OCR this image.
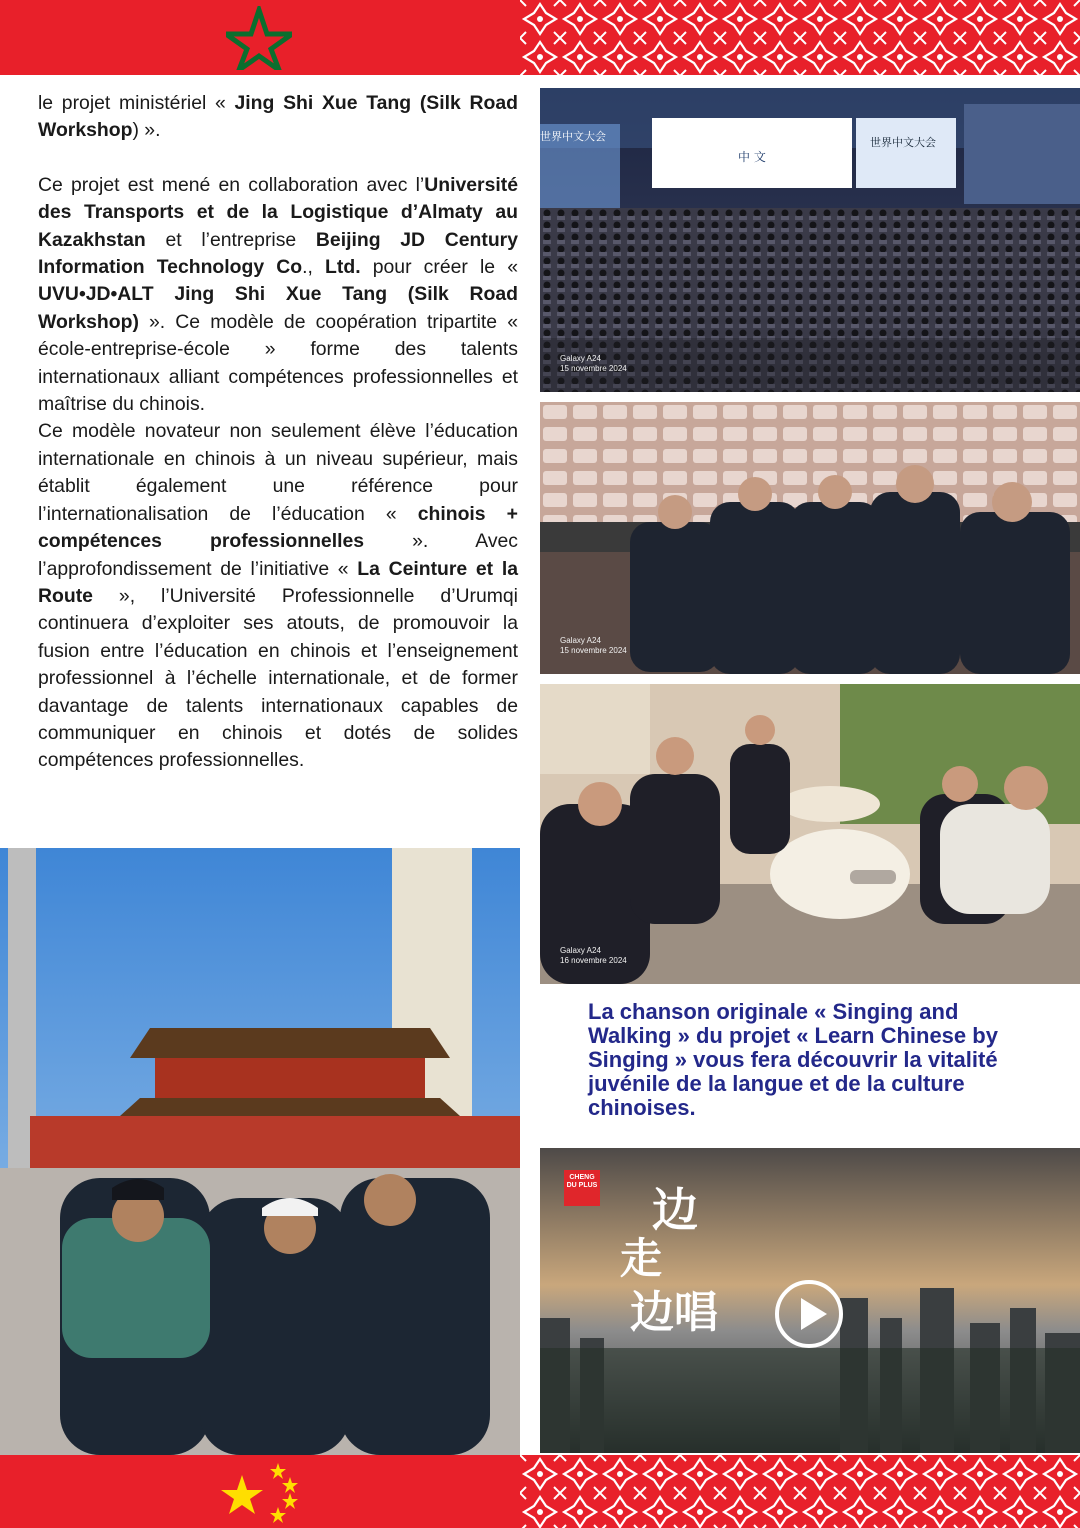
le projet ministériel « Jing Shi Xue Tang (Silk Road Workshop) ».

Ce projet est mené en collaboration avec l’Université des Transports et de la Logistique d’Almaty au Kazakhstan et l’entreprise Beijing JD Century Information Technology Co., Ltd. pour créer le « UVU•JD•ALT Jing Shi Xue Tang (Silk Road Workshop) ». Ce modèle de coopération tripartite « école-entreprise-école » forme des talents internationaux alliant compétences professionnelles et maîtrise du chinois.

Ce modèle novateur non seulement élève l’éducation internationale en chinois à un niveau supérieur, mais établit également une référence pour l’internationalisation de l’éducation « chinois + compétences professionnelles ». Avec l’approfondissement de l’initiative « La Ceinture et la Route », l’Université Professionnelle d’Urumqi continuera d’exploiter ses atouts, de promouvoir la fusion entre l’éducation en chinois et l’enseignement professionnel à l’échelle internationale, et de former davantage de talents internationaux capables de communiquer en chinois et dotés de solides compétences professionnelles.

世界中文大会	世界中文大会
中 文
Galaxy A24
15 novembre 2024
Galaxy A24
15 novembre 2024
Galaxy A24
16 novembre 2024
La chanson originale « Singing and Walking » du projet « Learn Chinese by Singing » vous fera découvrir la vitalité juvénile de la langue et de la culture chinoises.
CHENG DU PLUS 边
走
边唱
